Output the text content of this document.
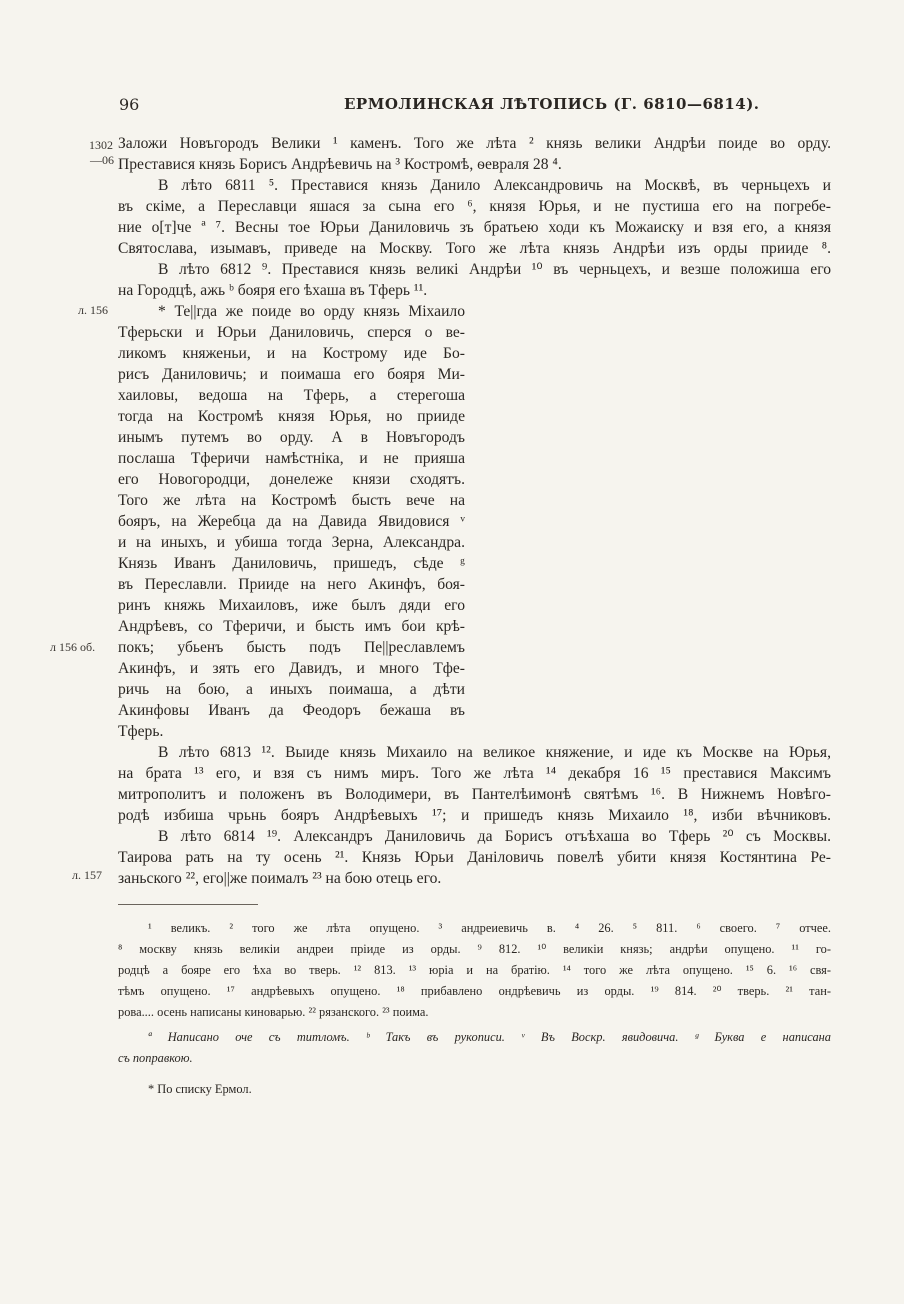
96	ЕРМОЛИНСКАЯ ЛѢТОПИСЬ (Г. 6810—6814).
1302
—06
л. 156
л 156 об.
л. 157
Заложи Новъгородъ Велики ¹ каменъ. Того же лѣта ² князь велики Андрѣи поиде во орду.
Преставися князь Борисъ Андрѣевичь на ³ Костромѣ, ѳевраля 28 ⁴.
В лѣто 6811 ⁵. Преставися князь Данило Александровичь на Москвѣ, въ черньцехъ и
въ скіме, а Переславци яшася за сына его ⁶, князя Юрья, и не пустиша его на погребе-
ние о[т]че ª ⁷. Весны тое Юрьи Даниловичь зъ братьею ходи къ Можаиску и взя его, а князя
Святослава, изымавъ, приведе на Москву. Того же лѣта князь Андрѣи изъ орды прииде ⁸.
В лѣто 6812 ⁹. Преставися князь великі Андрѣи ¹⁰ въ черньцехъ, и везше положиша его
на Городцѣ, ажь ᵇ бояря его ѣхаша въ Тферь ¹¹.
* Те||гда же поиде во орду князь Міхаило
Тферьски и Юрьи Даниловичь, сперся о ве-
ликомъ княженьи, и на Кострому иде Бо-
рисъ Даниловичь; и поимаша его бояря Ми-
хаиловы, ведоша на Тферь, а стерегоша
тогда на Костромѣ князя Юрья, но прииде
инымъ путемъ во орду. А в Новъгородъ
послаша Тферичи намѣстніка, и не прияша
его Новогородци, донележе князи сходятъ.
Того же лѣта на Костромѣ бысть вече на
бояръ, на Жеребца да на Давида Явидовися ᵛ
и на иныхъ, и убиша тогда Зерна, Александра.
Князь Иванъ Даниловичь, пришедъ, сѣде ᵍ
въ Переславли. Прииде на него Акинфъ, боя-
ринъ княжь Михаиловъ, иже былъ дяди его
Андрѣевъ, со Тферичи, и бысть имъ бои крѣ-
покъ; убьенъ бысть подъ Пе||реславлемъ
Акинфъ, и зять его Давидъ, и много Тфе-
ричь на бою, а иныхъ поимаша, а дѣти
Акинфовы Иванъ да Феодоръ бежаша въ
Тферь.
В лѣто 6813 ¹². Выиде князь Михаило на великое княжение, и иде къ Москве на Юрья,
на брата ¹³ его, и взя съ нимъ миръ. Того же лѣта ¹⁴ декабря 16 ¹⁵ преставися Максимъ
митрополитъ и положенъ въ Володимери, въ Пантелѣимонѣ святѣмъ ¹⁶. В Нижнемъ Новѣго-
родѣ избиша чрьнь бояръ Андрѣевыхъ ¹⁷; и пришедъ князь Михаило ¹⁸, изби вѣчниковъ.
В лѣто 6814 ¹⁹. Александръ Даниловичь да Борисъ отъѣхаша во Тферь ²⁰ съ Москвы.
Таирова рать на ту осень ²¹. Князь Юрьи Даніловичь повелѣ убити князя Костянтина Ре-
заньского ²², его||же поималъ ²³ на бою отець его.
¹ великъ. ² того же лѣта опущено. ³ андреиевичь в. ⁴ 26. ⁵ 811. ⁶ своего. ⁷ отчее.
⁸ москву князь великіи андреи пріиде из орды. ⁹ 812. ¹⁰ великіи князь; андрѣи опущено. ¹¹ го-
родцѣ а бояре его ѣха во тверь. ¹² 813. ¹³ юріа и на братію. ¹⁴ того же лѣта опущено. ¹⁵ 6. ¹⁶ свя-
тѣмъ опущено. ¹⁷ андрѣевыхъ опущено. ¹⁸ прибавлено ондрѣевичь из орды. ¹⁹ 814. ²⁰ тверь. ²¹ тан-
рова.... осень написаны киноварью. ²² рязанского. ²³ поима.
ª Написано оче съ титломъ. ᵇ Такъ въ рукописи. ᵛ Въ Воскр. явидовича. ᵍ Буква е написана
съ поправкою.
* По списку Ермол.
